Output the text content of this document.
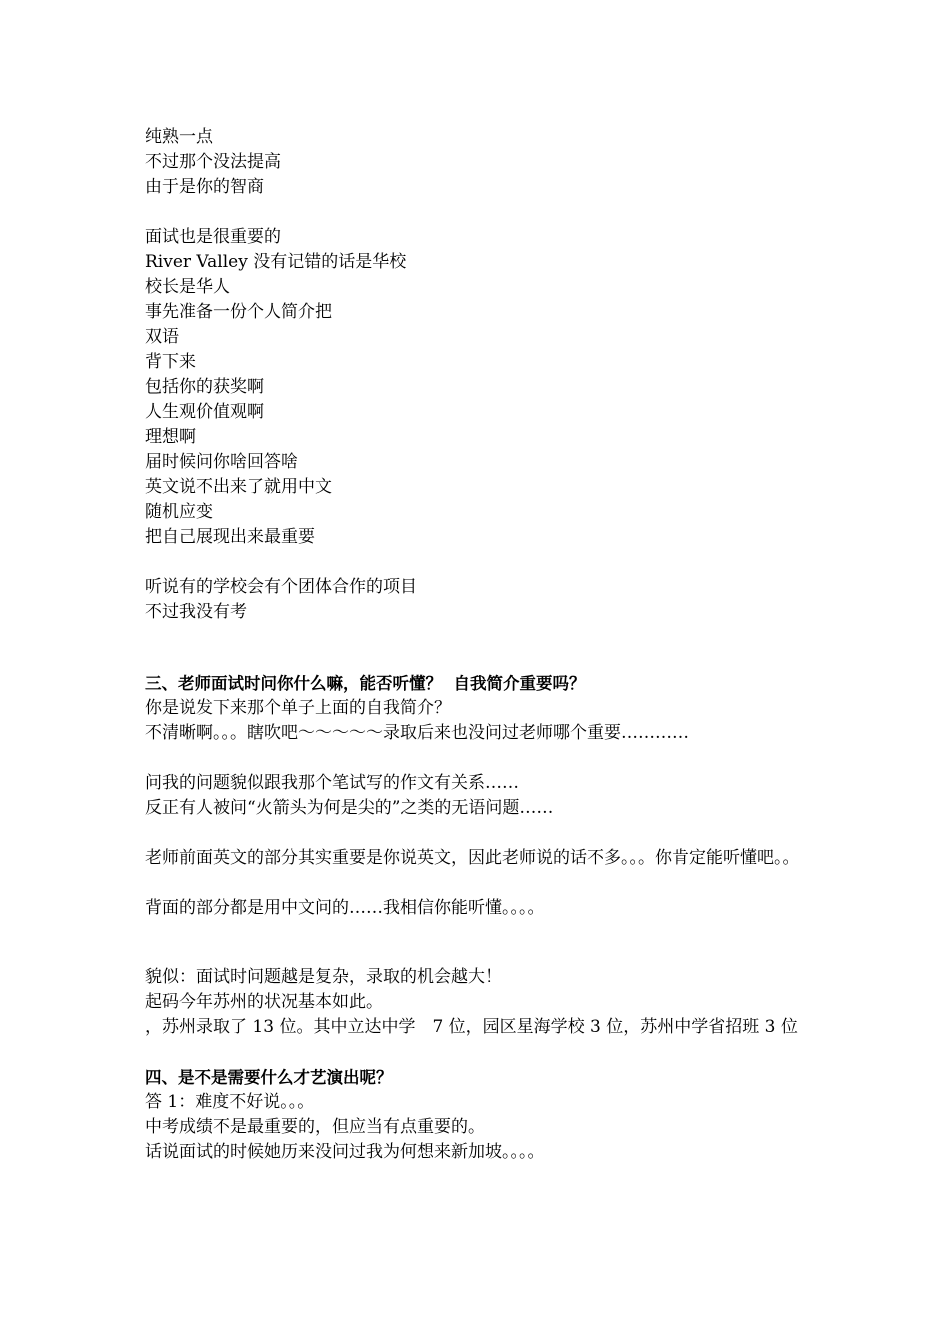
纯熟一点

不过那个没法提高

由于是你的智商

面试也是很重要的

River Valley 没有记错的话是华校

校长是华人

事先准备一份个人简介把

双语

背下来

包括你的获奖啊

人生观价值观啊

理想啊

届时候问你啥回答啥

英文说不出来了就用中文

随机应变

把自己展现出来最重要

听说有的学校会有个团体合作的项目

不过我没有考

三、老师面试时问你什么嘛，能否听懂？  自我简介重要吗？

你是说发下来那个单子上面的自我简介？

不清晰啊。。。瞎吹吧～～～～～录取后来也没问过老师哪个重要…………

问我的问题貌似跟我那个笔试写的作文有关系……

反正有人被问“火箭头为何是尖的”之类的无语问题……

老师前面英文的部分其实重要是你说英文，因此老师说的话不多。。。你肯定能听懂吧。。

背面的部分都是用中文问的……我相信你能听懂。。。。

貌似：面试时问题越是复杂，录取的机会越大！

起码今年苏州的状况基本如此。

，苏州录取了 13 位。其中立达中学　7 位，园区星海学校 3 位，苏州中学省招班 3 位

四、是不是需要什么才艺演出呢？

答 1：难度不好说。。。

中考成绩不是最重要的，但应当有点重要的。

话说面试的时候她历来没问过我为何想来新加坡。。。。
